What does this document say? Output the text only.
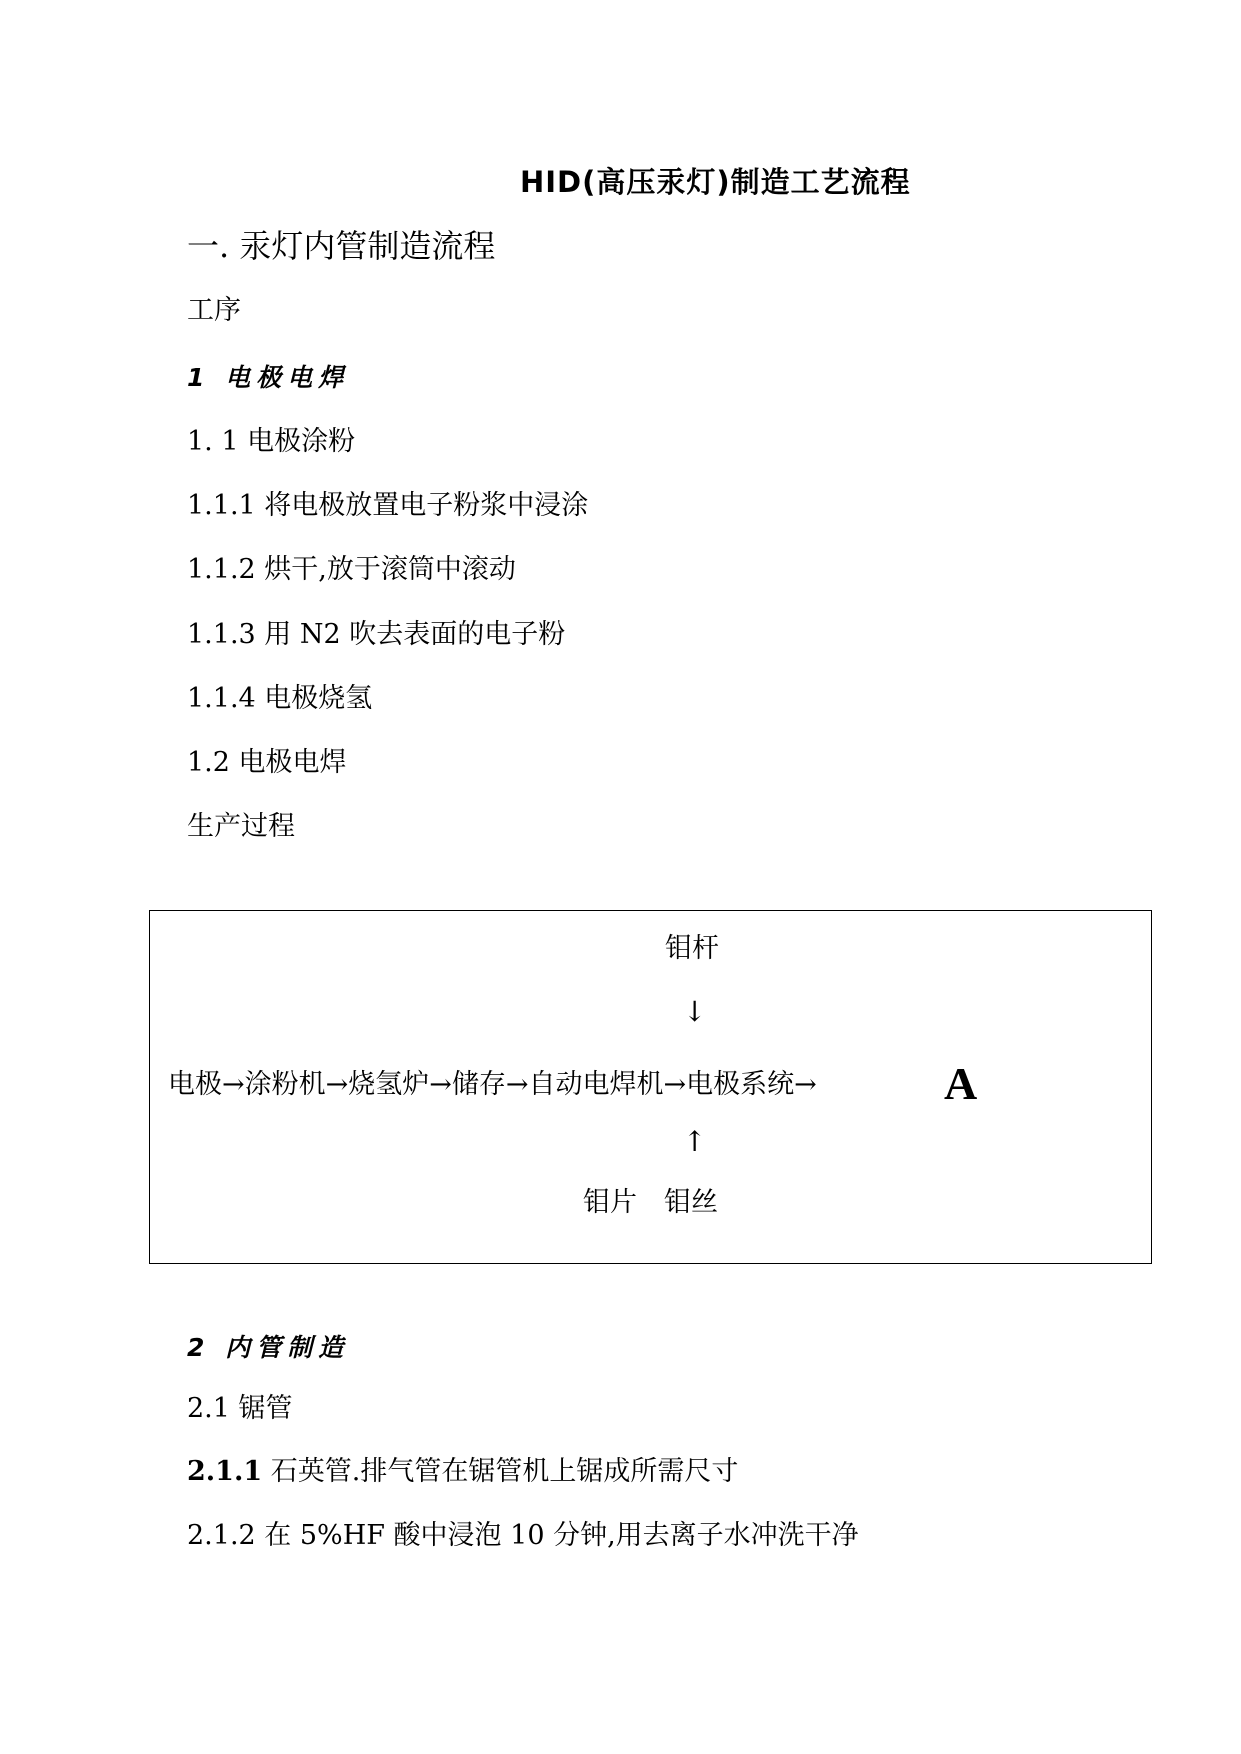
HID(高压汞灯)制造工艺流程
一. 汞灯内管制造流程
工序
1 电极电焊
1. 1 电极涂粉
1.1.1 将电极放置电子粉浆中浸涂
1.1.2 烘干,放于滚筒中滚动
1.1.3 用 N2 吹去表面的电子粉
1.1.4 电极烧氢
1.2 电极电焊
生产过程
钼杆
↓
电极→涂粉机→烧氢炉→储存→自动电焊机→电极系统→	A
↑
钼片　钼丝
2 内管制造
2.1 锯管
2.1.1 石英管.排气管在锯管机上锯成所需尺寸
2.1.2 在 5%HF 酸中浸泡 10 分钟,用去离子水冲洗干净
